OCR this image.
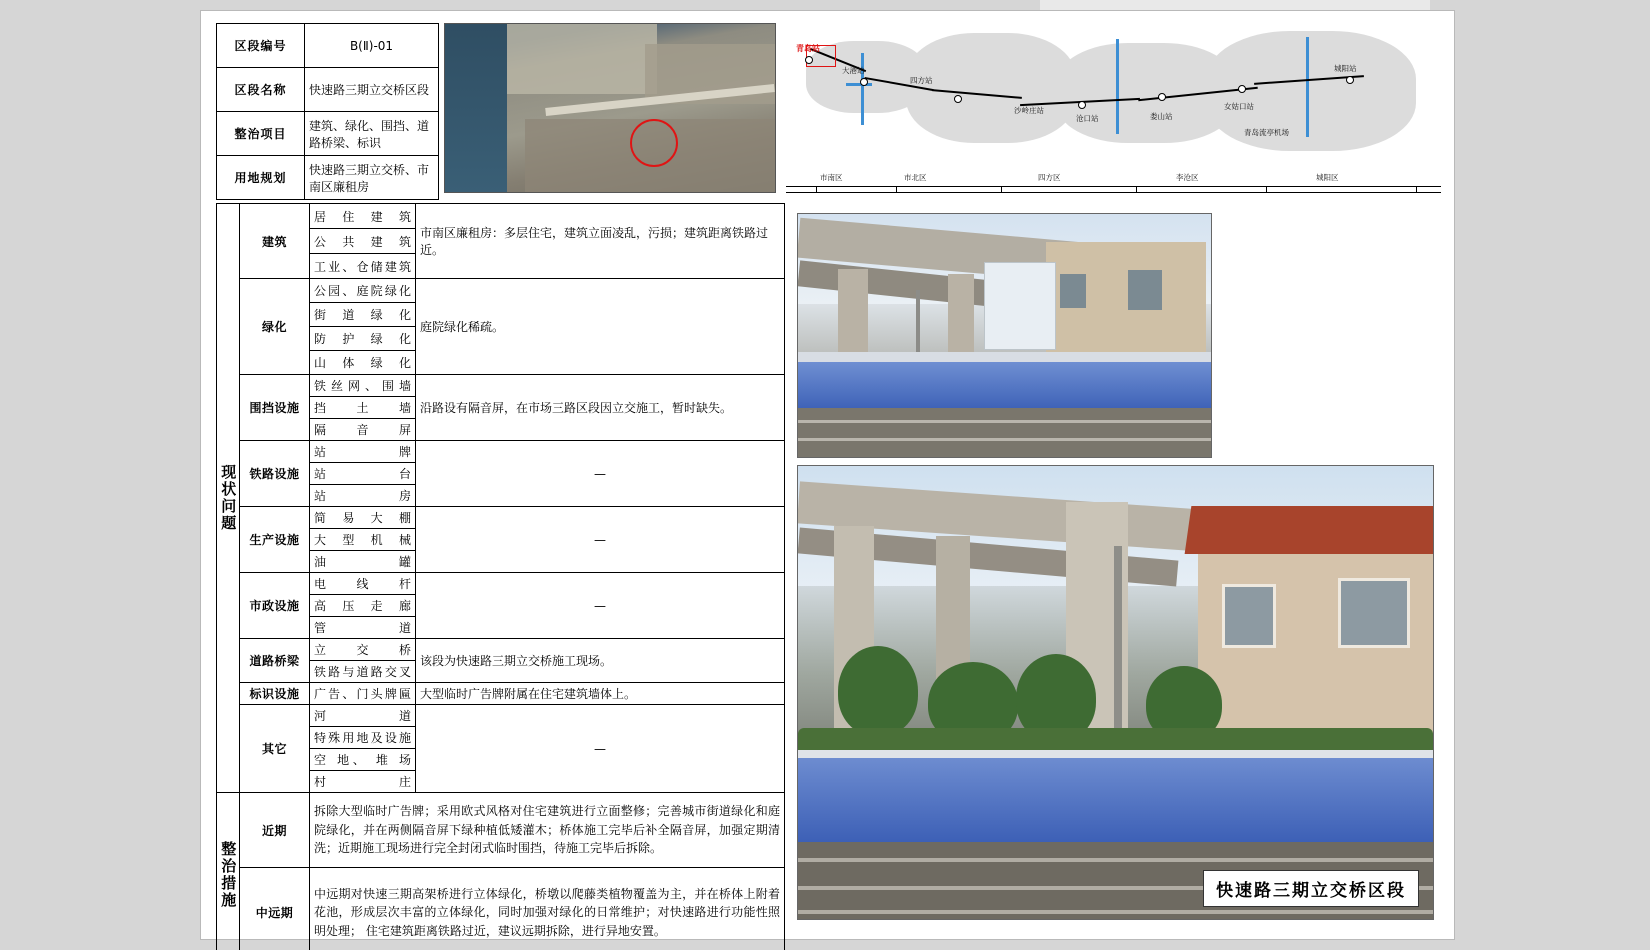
区段编号	B(Ⅱ)-01
区段名称	快速路三期立交桥区段
整治项目	建筑、绿化、围挡、道路桥梁、标识
用地规划	快速路三期立交桥、市南区廉租房
青岛站
大港站
四方站
沙岭庄站
沧口站	娄山站
女姑口站
城阳站
青岛流亭机场
市南区	市北区	四方区	李沧区	城阳区
现状问题	建筑	居 住 建 筑	市南区廉租房：多层住宅，建筑立面凌乱，污损；建筑距离铁路过近。
		公 共 建 筑	
		工业、仓储建筑	
	绿化	公园、庭院绿化	庭院绿化稀疏。
		街 道 绿 化	
		防 护 绿 化	
		山 体 绿 化	
	围挡设施	铁丝网、围墙	沿路设有隔音屏，在市场三路区段因立交施工，暂时缺失。
		挡 土 墙	
		隔 音 屏	
	铁路设施	站 牌	—
		站 台	
		站 房	
	生产设施	简 易 大 棚	—
		大 型 机 械	
		油 罐	
	市政设施	电 线 杆	—
		高 压 走 廊	
		管 道	
	道路桥梁	立 交 桥	该段为快速路三期立交桥施工现场。
		铁路与道路交叉	
	标识设施	广告、门头牌匾	大型临时广告牌附属在住宅建筑墙体上。
	其它	河 道	—
		特殊用地及设施	
		空 地、 堆 场	
		村 庄	

整治措施	近期	拆除大型临时广告牌；采用欧式风格对住宅建筑进行立面整修；完善城市街道绿化和庭院绿化，并在两侧隔音屏下绿种植低矮灌木；桥体施工完毕后补全隔音屏，加强定期清洗；近期施工现场进行完全封闭式临时围挡，待施工完毕后拆除。	
	中远期	中远期对快速三期高架桥进行立体绿化，桥墩以爬藤类植物覆盖为主，并在桥体上附着花池，形成层次丰富的立体绿化，同时加强对绿化的日常维护；对快速路进行功能性照明处理； 住宅建筑距离铁路过近，建议远期拆除，进行异地安置。	
快速路三期立交桥区段
